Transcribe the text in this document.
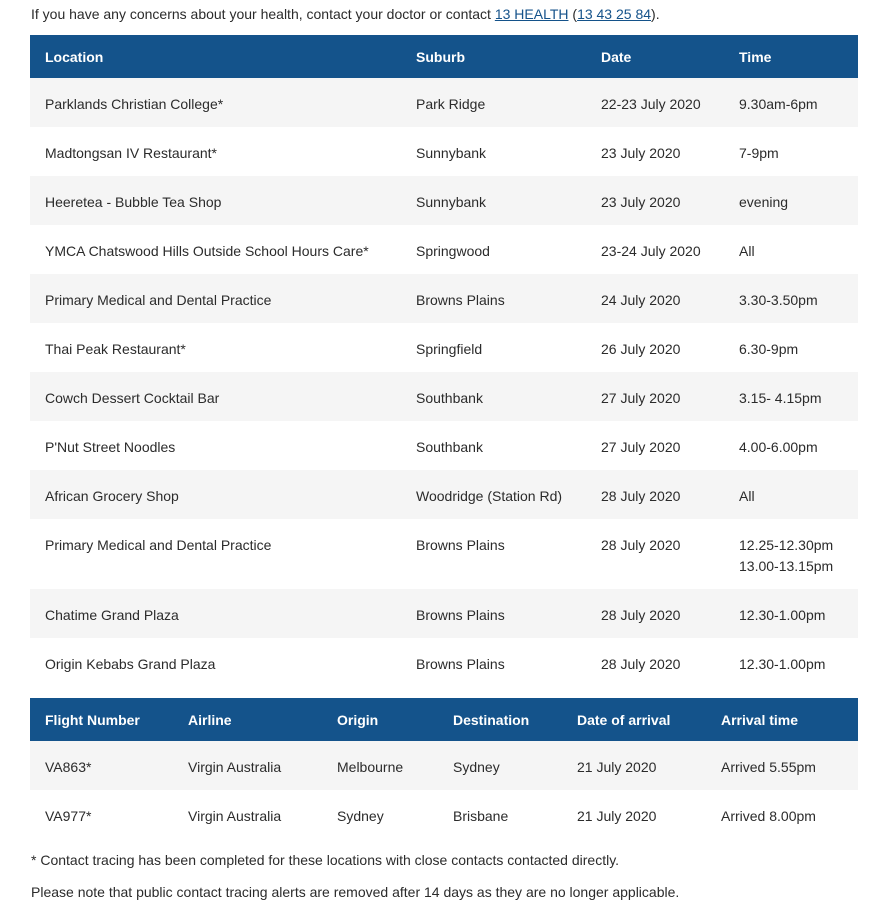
If you have any concerns about your health, contact your doctor or contact 13 HEALTH (13 43 25 84).

Location	Suburb	Date	Time
Parklands Christian College*	Park Ridge	22-23 July 2020	9.30am-6pm

Madtongsan IV Restaurant*	Sunnybank	23 July 2020	7-9pm

Heeretea - Bubble Tea Shop	Sunnybank	23 July 2020	evening

YMCA Chatswood Hills Outside School Hours Care*	Springwood	23-24 July 2020	All

Primary Medical and Dental Practice	Browns Plains	24 July 2020	3.30-3.50pm

Thai Peak Restaurant*	Springfield	26 July 2020	6.30-9pm

Cowch Dessert Cocktail Bar	Southbank	27 July 2020	3.15- 4.15pm

P'Nut Street Noodles	Southbank	27 July 2020	4.00-6.00pm

African Grocery Shop	Woodridge (Station Rd)	28 July 2020	All

Primary Medical and Dental Practice	Browns Plains	28 July 2020	12.25-12.30pm
13.00-13.15pm

Chatime Grand Plaza	Browns Plains	28 July 2020	12.30-1.00pm

Origin Kebabs Grand Plaza	Browns Plains	28 July 2020	12.30-1.00pm
Flight Number	Airline	Origin	Destination	Date of arrival	Arrival time
VA863*	Virgin Australia	Melbourne	Sydney	21 July 2020	Arrived 5.55pm
VA977*	Virgin Australia	Sydney	Brisbane	21 July 2020	Arrived 8.00pm

* Contact tracing has been completed for these locations with close contacts contacted directly.

Please note that public contact tracing alerts are removed after 14 days as they are no longer applicable.
